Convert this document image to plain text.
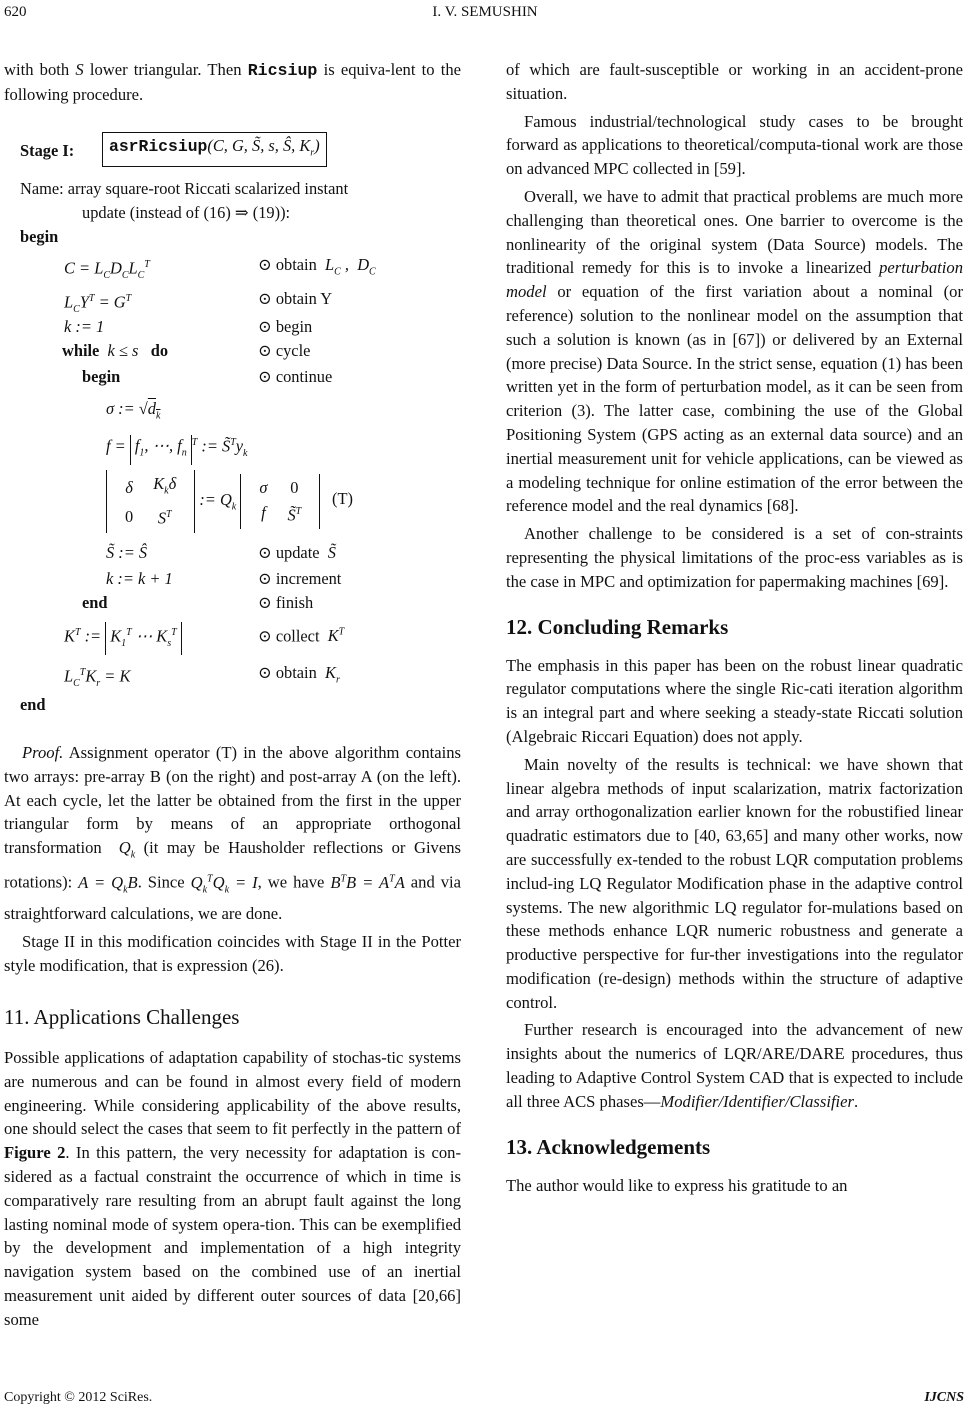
620	I. V. SEMUSHIN

with both S lower triangular. Then Ricsiup is equiva-lent to the following procedure.

Stage I:	asrRicsiup(C, G, S̃, s, Ŝ, $K_r$)
Name: array square-root Riccati scalarized instant
update (instead of (16) ⇒ (19)):
begin
$C = L_CD_CL_C^T$	⊙ obtain  $L_C$ ,  $D_C$
$L_CY^T = G^T$	⊙ obtain Y
k := 1	⊙ begin
while k ≤ s do	⊙ cycle
begin	⊙ continue
σ := $√d_k$
$f = f_1$, ⋯, $f_n^T$ := $S̃^Ty_k$
δ	$K_k\delta$
0	$S^T$
:= $Q_k$
σ	0
f	S̃$^T$
(T)
S̃ := Ŝ	⊙ update  S̃
k := k + 1	⊙ increment
end	⊙ finish
$K^T$ := $K_1^T$ ⋯ $K_s^T$	⊙ collect  $K^T$
$L_C^TK_r = K$	⊙ obtain  $K_r$
end

Proof. Assignment operator (T) in the above algorithm contains two arrays: pre-array B (on the right) and post-array A (on the left). At each cycle, let the latter be obtained from the first in the upper triangular form by means of an appropriate orthogonal transformation  $Q_k$ (it may be Hausholder reflections or Givens rotations): $A = Q_kB$. Since $Q_k^TQ_k = I$, we have $B^TB = A^TA$ and via straightforward calculations, we are done.

Stage II in this modification coincides with Stage II in the Potter style modification, that is expression (26).

11. Applications Challenges

Possible applications of adaptation capability of stochas-tic systems are numerous and can be found in almost every field of modern engineering. While considering applicability of the above results, one should select the cases that seem to fit perfectly in the pattern of Figure 2. In this pattern, the very necessity for adaptation is con-sidered as a factual constraint the occurrence of which in time is comparatively rare resulting from an abrupt fault against the long lasting nominal mode of system opera-tion. This can be exemplified by the development and implementation of a high integrity navigation system based on the combined use of an inertial measurement unit aided by different outer sources of data [20,66] some

of which are fault-susceptible or working in an accident-prone situation.

Famous industrial/technological study cases to be brought forward as applications to theoretical/computa-tional work are those on advanced MPC collected in [59].

Overall, we have to admit that practical problems are much more challenging than theoretical ones. One barrier to overcome is the nonlinearity of the original system (Data Source) models. The traditional remedy for this is to invoke a linearized perturbation model or equation of the first variation about a nominal (or reference) solution to the nonlinear model on the assumption that such a solution is known (as in [67]) or delivered by an External (more precise) Data Source. In the strict sense, equation (1) has been written yet in the form of perturbation model, as it can be seen from criterion (3). The latter case, combining the use of the Global Positioning System (GPS acting as an external data source) and an inertial measurement unit for vehicle applications, can be viewed as a modeling technique for online estimation of the error between the reference model and the real dynamics [68].

Another challenge to be considered is a set of con-straints representing the physical limitations of the proc-ess variables as is the case in MPC and optimization for papermaking machines [69].

12. Concluding Remarks

The emphasis in this paper has been on the robust linear quadratic regulator computations where the single Ric-cati iteration algorithm is an integral part and where seeking a steady-state Riccati solution (Algebraic Riccari Equation) does not apply.

Main novelty of the results is technical: we have shown that linear algebra methods of input scalarization, matrix factorization and array orthogonalization earlier known for the robustified linear quadratic estimators due to [40, 63,65] and many other works, now are successfully ex-tended to the robust LQR computation problems includ-ing LQ Regulator Modification phase in the adaptive control systems. The new algorithmic LQ regulator for-mulations based on these methods enhance LQR numeric robustness and generate a productive perspective for fur-ther investigations into the regulator modification (re-design) methods within the structure of adaptive control.

Further research is encouraged into the advancement of new insights about the numerics of LQR/ARE/DARE procedures, thus leading to Adaptive Control System CAD that is expected to include all three ACS phases—Modifier/Identifier/Classifier.

13. Acknowledgements

The author would like to express his gratitude to an

Copyright © 2012 SciRes.	IJCNS
